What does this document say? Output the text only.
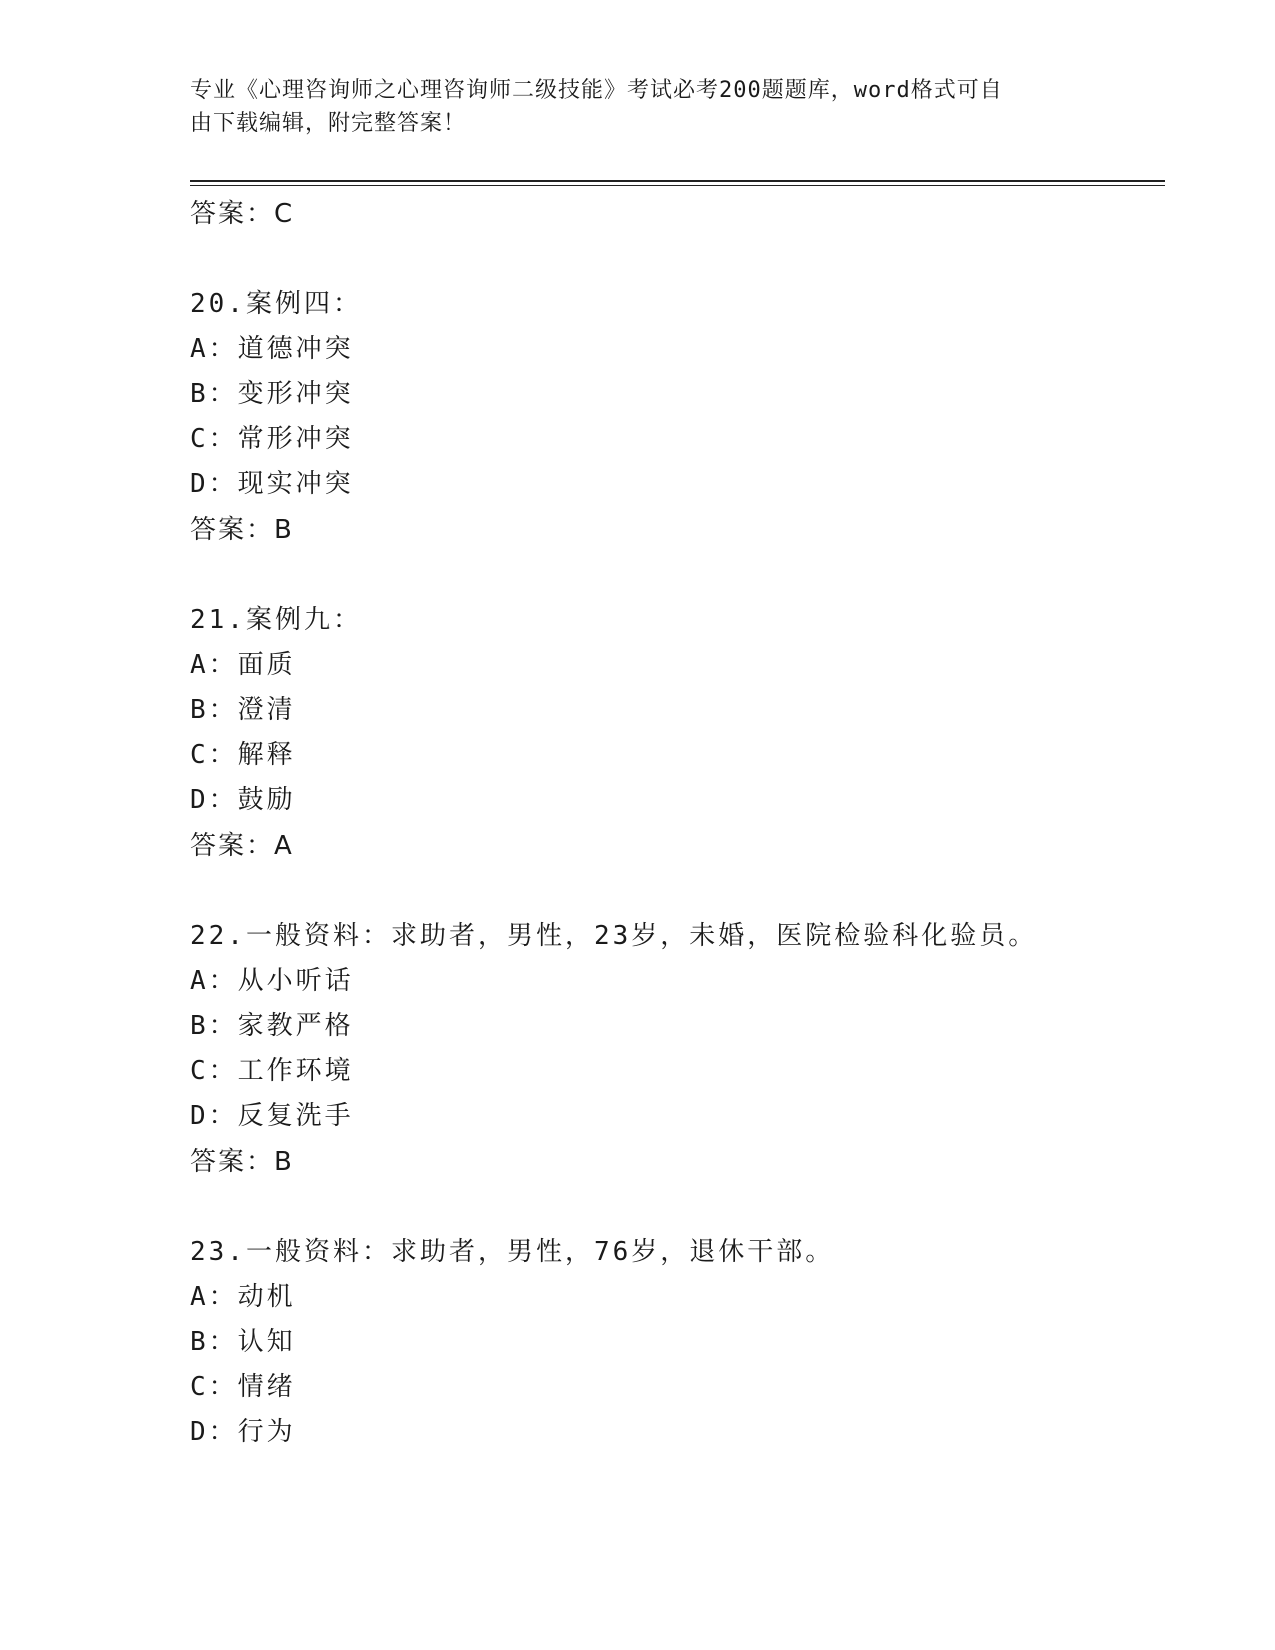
专业《心理咨询师之心理咨询师二级技能》考试必考200题题库，word格式可自
由下载编辑，附完整答案！
答案：C
20.案例四：
A：道德冲突
B：变形冲突
C：常形冲突
D：现实冲突
答案：B
21.案例九：
A：面质
B：澄清
C：解释
D：鼓励
答案：A
22.一般资料：求助者，男性，23岁，未婚，医院检验科化验员。
A：从小听话
B：家教严格
C：工作环境
D：反复洗手
答案：B
23.一般资料：求助者，男性，76岁，退休干部。
A：动机
B：认知
C：情绪
D：行为
